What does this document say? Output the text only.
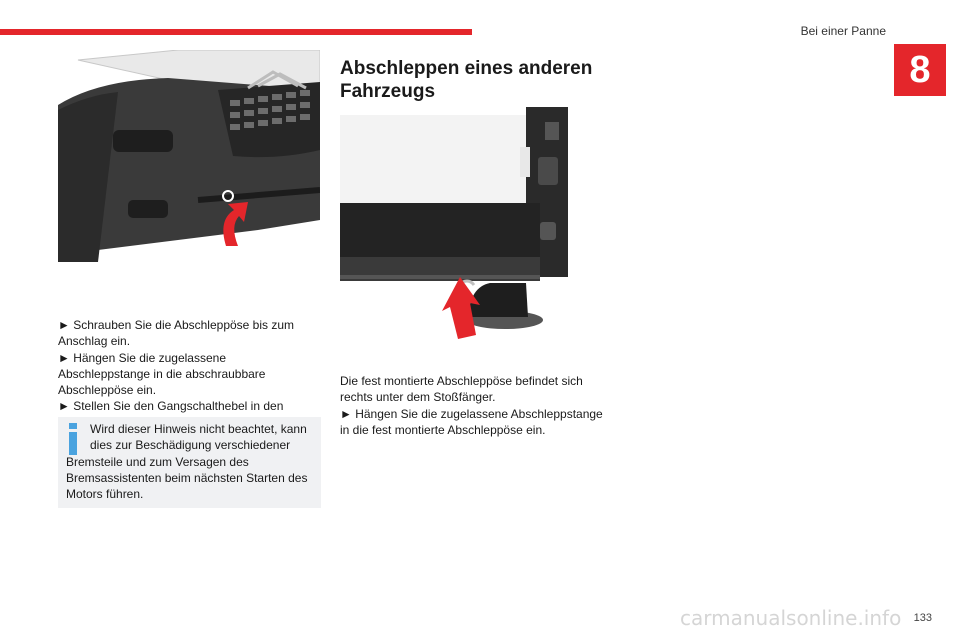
Bei einer Panne
8

► Schrauben Sie die Abschleppöse bis zum Anschlag ein.

► Hängen Sie die zugelassene Abschleppstange in die abschraubbare Abschleppöse ein.

► Stellen Sie den Gangschalthebel in den

Wird dieser Hinweis nicht beachtet, kann dies zur Beschädigung verschiedener Bremsteile und zum Versagen des Bremsassistenten beim nächsten Starten des Motors führen.
Abschleppen eines anderen Fahrzeugs

Die fest montierte Abschleppöse befindet sich rechts unter dem Stoßfänger.

► Hängen Sie die zugelassene Abschleppstange in die fest montierte Abschleppöse ein.

133
carmanualsonline.info
